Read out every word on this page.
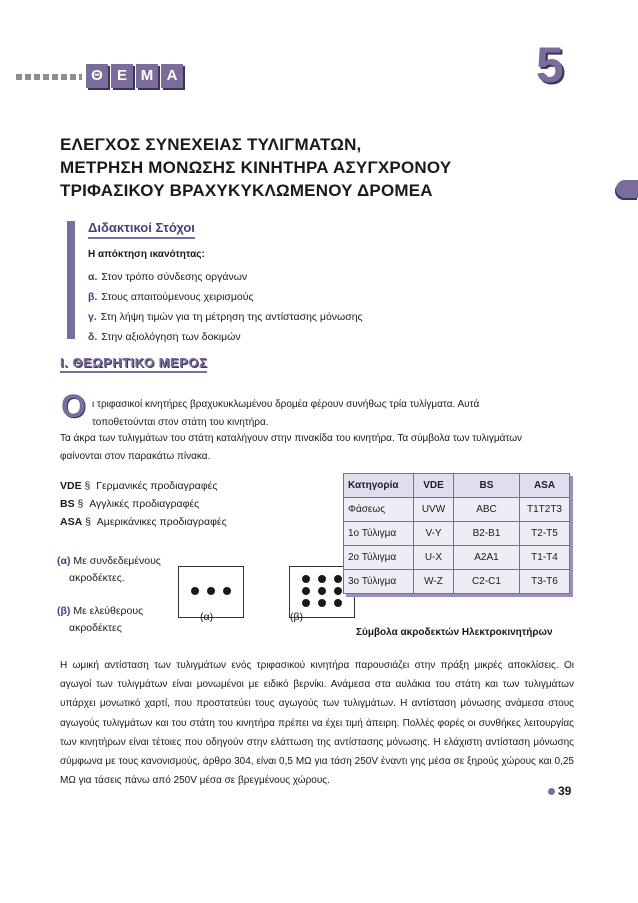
Θ Ε Μ Α	5
ΕΛΕΓΧΟΣ ΣΥΝΕΧΕΙΑΣ ΤΥΛΙΓΜΑΤΩΝ,
ΜΕΤΡΗΣΗ ΜΟΝΩΣΗΣ ΚΙΝΗΤΗΡΑ ΑΣΥΓΧΡΟΝΟΥ
ΤΡΙΦΑΣΙΚΟΥ ΒΡΑΧΥΚΥΚΛΩΜΕΝΟΥ ΔΡΟΜΕΑ
Διδακτικοί Στόχοι
Η απόκτηση ικανότητας:
α. Στον τρόπο σύνδεσης οργάνων
β. Στους απαιτούμενους χειρισμούς
γ. Στη λήψη τιμών για τη μέτρηση της αντίστασης μόνωσης
δ. Στην αξιολόγηση των δοκιμών
Ι. ΘΕΩΡΗΤΙΚΟ ΜΕΡΟΣ
Ο ι τριφασικοί κινητήρες βραχυκυκλωμένου δρομέα φέρουν συνήθως τρία τυλίγματα. Αυτά τοποθετούνται στον στάτη του κινητήρα.

Τα άκρα των τυλιγμάτων του στάτη καταλήγουν στην πινακίδα του κινητήρα. Τα σύμβολα των τυλιγμάτων φαίνονται στον παρακάτω πίνακα.

VDE § Γερμανικές προδιαγραφές
BS § Αγγλικές προδιαγραφές
ASA § Αμερικάνικες προδιαγραφές
(α) Με συνδεδεμένους
ακροδέκτες.
(β) Με ελεύθερους
ακροδέκτες
(α)	(β)
Κατηγορία	VDE	BS	ASA
Φάσεως	UVW	ABC	T1T2T3
1ο Τύλιγμα	V-Y	B2-B1	T2-T5
2ο Τύλιγμα	U-X	A2A1	T1-T4
3ο Τύλιγμα	W-Z	C2-C1	T3-T6
Σύμβολα ακροδεκτών Ηλεκτροκινητήρων

Η ωμική αντίσταση των τυλιγμάτων ενός τριφασικού κινητήρα παρουσιάζει στην πράξη μικρές αποκλίσεις. Οι αγωγοί των τυλιγμάτων είναι μονωμένοι με ειδικό βερνίκι. Ανάμεσα στα αυλάκια του στάτη και των τυλιγμάτων υπάρχει μονωτικό χαρτί, που προστατεύει τους αγωγούς των τυλιγμάτων. Η αντίσταση μόνωσης ανάμεσα στους αγωγούς τυλιγμάτων και του στάτη του κινητήρα πρέπει να έχει τιμή άπειρη. Πολλές φορές οι συνθήκες λειτουργίας των κινητήρων είναι τέτοιες που οδηγούν στην ελάττωση της αντίστασης μόνωσης. Η ελάχιστη αντίσταση μόνωσης σύμφωνα με τους κανονισμούς, άρθρο 304, είναι 0,5 ΜΩ για τάση 250V έναντι γης μέσα σε ξηρούς χώρους και 0,25 ΜΩ για τάσεις πάνω από 250V μέσα σε βρεγμένους χώρους.

39
